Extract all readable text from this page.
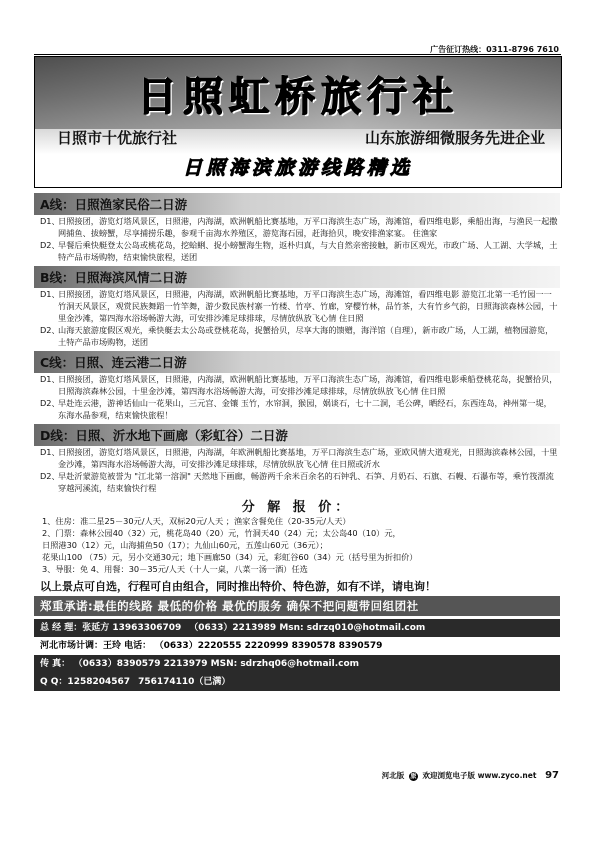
广告征订热线：0311-8796 7610
日照虹桥旅行社
日照市十优旅行社	山东旅游细微服务先进企业
日照海滨旅游线路精选
A线：日照渔家民俗二日游

D1、
日照接团，游览灯塔风景区，日照港，内海湖，欧洲帆船比赛基地，万平口海滨生态广场，海滩馆，看四维电影，乘船出海，与渔民一起撒网捕鱼、拔螃蟹，尽享捕捞乐趣，参观千亩海水养殖区，游览海石园，赶海拾贝，晚安排渔家宴。 住渔家

D2、
早餐后乘快艇登太公岛或桃花岛，挖蛤蜊、捉小螃蟹海生物，返朴归真，与大自然亲密接触，新市区观光，市政广场、人工湖、大学城，土特产品市场购物，结束愉快旅程，送团

B线：日照海滨风情二日游

D1、
日照接团，游览灯塔风景区，日照港，内海湖，欧洲帆船比赛基地，万平口海滨生态广场，海滩馆，看四维电影 游览江北第一毛竹园一一竹洞天风景区，观赏民族舞蹈一竹竿舞，游少数民族村寨一竹楼、竹亭、竹廊，穿樱竹林，品竹茶，大有竹乡气韵，日照海滨森林公园，十里金沙滩，第四海水浴场畅游大海，可安排沙滩足球排球，尽情放纵放飞心情 住日照

D2、
山海天旅游度假区观光，乘快艇去太公岛或登桃花岛，捉蟹拾贝，尽享大海的馈赠，海洋馆（自理），新市政广场，人工湖，植物园游览，土特产品市场购物，送团

C线：日照、连云港二日游

D1、
日照接团，游览灯塔风景区，日照港，内海湖，欧洲帆船比赛基地，万平口海滨生态广场，海滩馆，看四维电影乘船登桃花岛，捉蟹拾贝，日照海滨森林公园，十里金沙滩，第四海水浴场畅游大海，可安排沙滩足球排球，尽情放纵放飞心情 住日照

D2、
早赴连云港，游神话仙山一花果山，三元宫、金镶 玉竹，水帘洞，猴园，娲谈石，七十二洞，毛公碑，晒经石，东西连岛，神州第一堤，东海水晶参观，结束愉快旅程！

D线：日照、沂水地下画廊（彩虹谷）二日游

D1、
日照接团，游览灯塔风景区，日照港，内海湖，年欧洲帆船比赛基地，万平口海滨生态广场，亚欧风情大道观光，日照海滨森林公园，十里金沙滩，第四海水浴场畅游大海，可安排沙滩足球排球，尽情放纵放飞心情 住日照或沂水

D2、
早赴沂蒙游览被誉为 "江北第一溶洞" 天然地下画廊，畅游两千余米百余名的石钟乳、石笋、月奶石、石旗、石幔、石瀑布等，乘竹筏漂流穿越河溪流，结束愉快行程

分 解 报 价：

1、住房：准二星25－30元/人天，双标20元/人天 ；渔家含餐免住（20-35元/人天）

2、门票：森林公园40（32）元，桃花岛40（20）元，竹洞天40（24）元；太公岛40（10）元，

日照港30（12）元，山海捕鱼50（17）；九仙山60元，五莲山60元（36元）；

花果山100 （75）元，另小交通30元；地下画廊50（34）元，彩虹谷60（34）元（括号里为折扣价）

3、导服：免 4、用餐：30－35元/人天（十人一桌，八菜一汤一酒）任选

以上景点可自选，行程可自由组合，同时推出特价、特色游，如有不详，请电询！
郑重承诺:最佳的线路 最低的价格 最优的服务 确保不把问题带回组团社
总 经 理：张延方 13963306709 （0633）2213989 Msn: sdrzq010@hotmail.com
河北市场计调：王玲 电话： （0633）2220555 2220999 8390578 8390579
传 真： （0633）8390579 2213979 MSN: sdrzhq06@hotmail.com
Q Q：1258204567 756174110（已满）
河北版 旅 欢迎浏览电子版 www.zyco.net 97
